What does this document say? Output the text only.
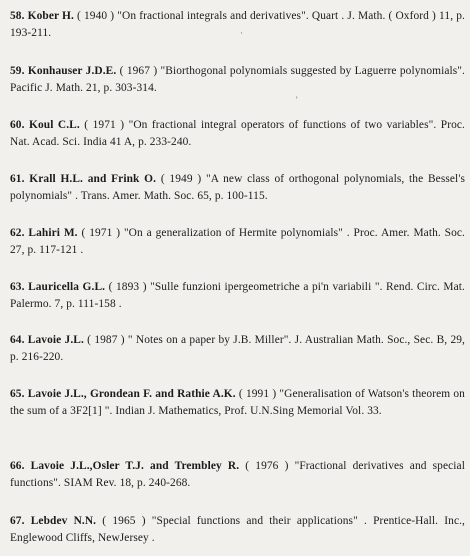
58. Kober H. ( 1940 ) "On fractional integrals and derivatives". Quart . J. Math. ( Oxford ) 11, p. 193-211.
59. Konhauser J.D.E. ( 1967 ) "Biorthogonal polynomials suggested by Laguerre polynomials". Pacific J. Math. 21, p. 303-314.
60. Koul C.L. ( 1971 ) "On fractional integral operators of functions of two variables". Proc. Nat. Acad. Sci. India 41 A, p. 233-240.
61. Krall H.L. and Frink O. ( 1949 ) "A new class of orthogonal polynomials, the Bessel's polynomials" . Trans. Amer. Math. Soc. 65, p. 100-115.
62. Lahiri M. ( 1971 ) "On a generalization of Hermite polynomials" . Proc. Amer. Math. Soc. 27, p. 117-121 .
63. Lauricella G.L. ( 1893 ) "Sulle funzioni ipergeometriche a pi'n variabili ". Rend. Circ. Mat. Palermo. 7, p. 111-158 .
64. Lavoie J.L. ( 1987 ) " Notes on a paper by J.B. Miller". J. Australian Math. Soc., Sec. B, 29, p. 216-220.
65. Lavoie J.L., Grondean F. and Rathie A.K. ( 1991 ) "Generalisation of Watson's theorem on the sum of a 3F2[1] ". Indian J. Mathematics, Prof. U.N.Sing Memorial Vol. 33.
66. Lavoie J.L.,Osler T.J. and Trembley R. ( 1976 ) "Fractional derivatives and special functions". SIAM Rev. 18, p. 240-268.
67. Lebdev N.N. ( 1965 ) "Special functions and their applications" . Prentice-Hall. Inc., Englewood Cliffs, NewJersey .
·
'
